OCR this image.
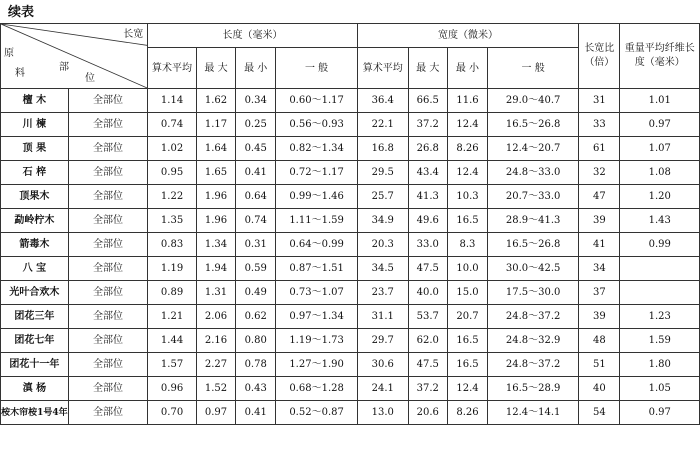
续表
长宽
原
料
部
位		长度（毫米）				宽度（微米）				长宽比（倍）	重量平均纤维长度（毫米）
		算术平均	最 大	最 小	一 般	算术平均	最 大	最 小	一 般		
檀 木	全部位	1.14	1.62	0.34	0.60～1.17	36.4	66.5	11.6	29.0～40.7	31	1.01
川 楝	全部位	0.74	1.17	0.25	0.56～0.93	22.1	37.2	12.4	16.5～26.8	33	0.97
顶 果	全部位	1.02	1.64	0.45	0.82～1.34	16.8	26.8	8.26	12.4～20.7	61	1.07
石 梓	全部位	0.95	1.65	0.41	0.72～1.17	29.5	43.4	12.4	24.8～33.0	32	1.08
顶果木	全部位	1.22	1.96	0.64	0.99～1.46	25.7	41.3	10.3	20.7～33.0	47	1.20
勐岭柠木	全部位	1.35	1.96	0.74	1.11～1.59	34.9	49.6	16.5	28.9～41.3	39	1.43
箭毒木	全部位	0.83	1.34	0.31	0.64～0.99	20.3	33.0	8.3	16.5～26.8	41	0.99
八 宝	全部位	1.19	1.94	0.59	0.87～1.51	34.5	47.5	10.0	30.0～42.5	34	
光叶合欢木	全部位	0.89	1.31	0.49	0.73～1.07	23.7	40.0	15.0	17.5～30.0	37	
团花三年	全部位	1.21	2.06	0.62	0.97～1.34	31.1	53.7	20.7	24.8～37.2	39	1.23
团花七年	全部位	1.44	2.16	0.80	1.19～1.73	29.7	62.0	16.5	24.8～32.9	48	1.59
团花十一年	全部位	1.57	2.27	0.78	1.27～1.90	30.6	47.5	16.5	24.8～37.2	51	1.80
滇 杨	全部位	0.96	1.52	0.43	0.68～1.28	24.1	37.2	12.4	16.5～28.9	40	1.05
桉木帘桉1号4年	全部位	0.70	0.97	0.41	0.52～0.87	13.0	20.6	8.26	12.4～14.1	54	0.97
